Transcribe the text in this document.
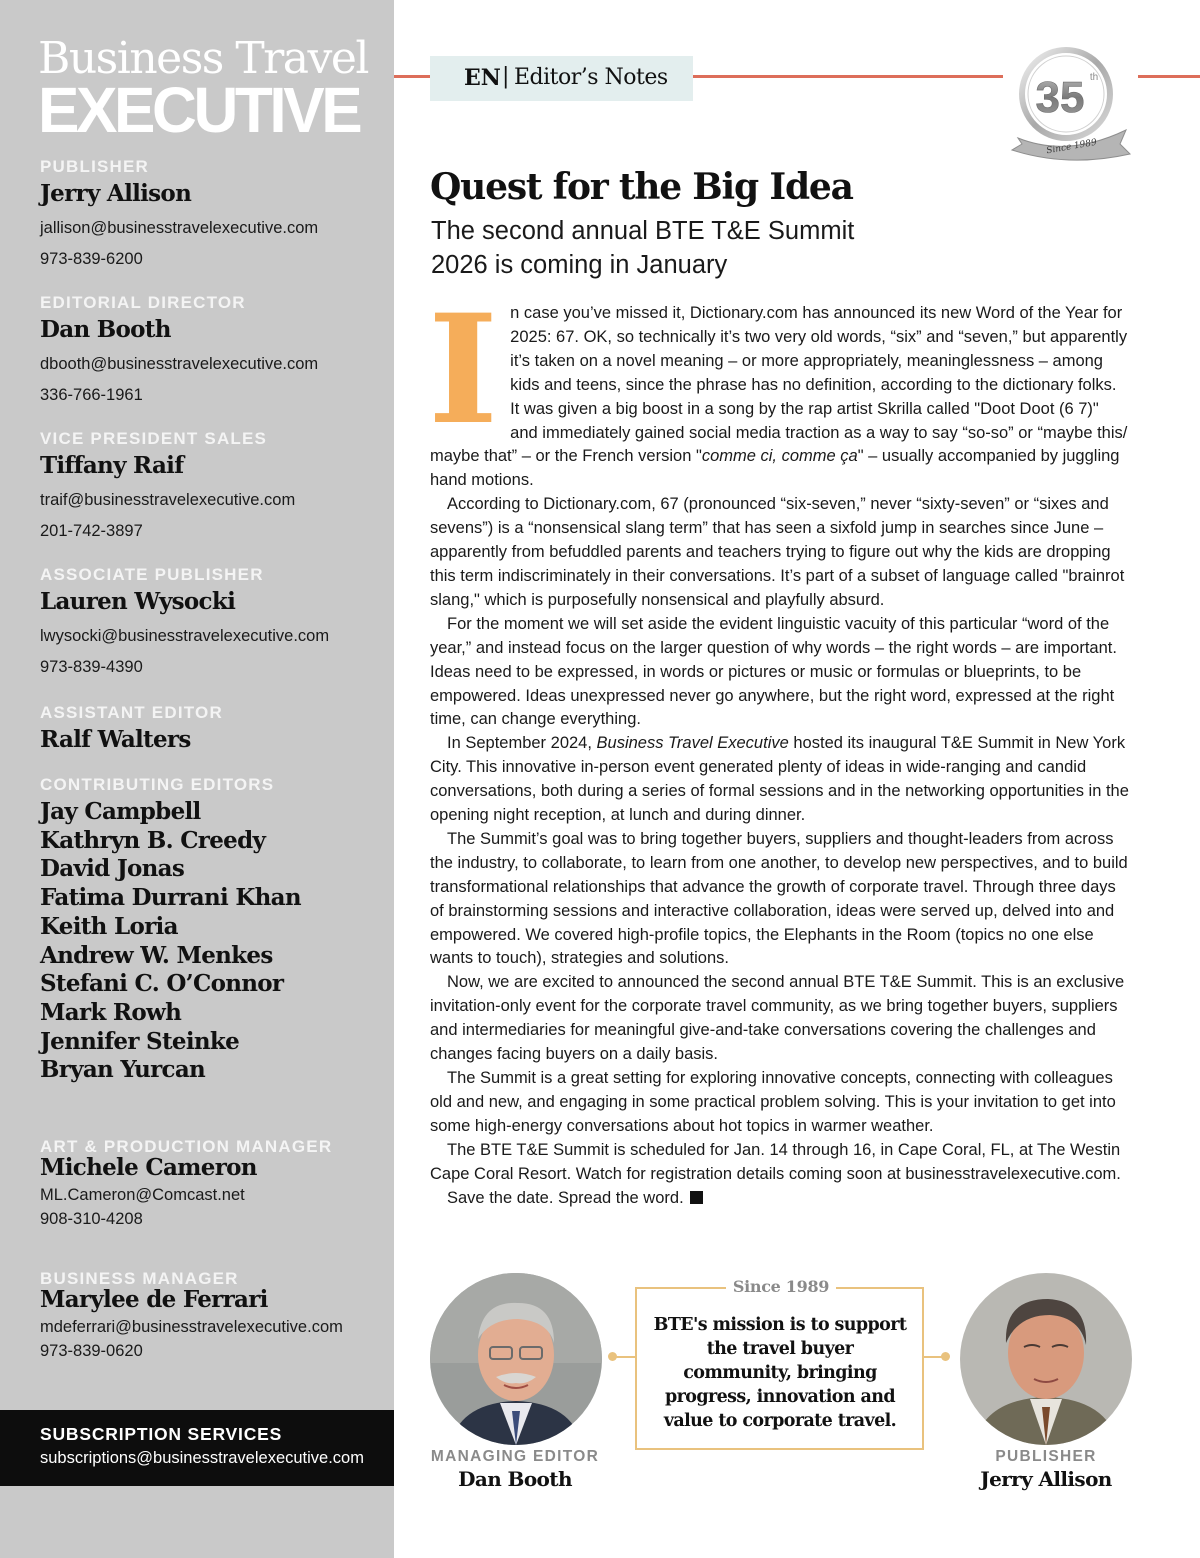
Business Travel
EXECUTIVE
PUBLISHER
Jerry Allison
jallison@businesstravelexecutive.com
973-839-6200
EDITORIAL DIRECTOR
Dan Booth
dbooth@businesstravelexecutive.com
336-766-1961
VICE PRESIDENT SALES
Tiffany Raif
traif@businesstravelexecutive.com
201-742-3897
ASSOCIATE PUBLISHER
Lauren Wysocki
lwysocki@businesstravelexecutive.com
973-839-4390
ASSISTANT EDITOR
Ralf Walters
CONTRIBUTING EDITORS
Jay Campbell
Kathryn B. Creedy
David Jonas
Fatima Durrani Khan
Keith Loria
Andrew W. Menkes
Stefani C. O’Connor
Mark Rowh
Jennifer Steinke
Bryan Yurcan
ART & PRODUCTION MANAGER
Michele Cameron
ML.Cameron@Comcast.net
908-310-4208
BUSINESS MANAGER
Marylee de Ferrari
mdeferrari@businesstravelexecutive.com
973-839-0620
SUBSCRIPTION SERVICES
subscriptions@businesstravelexecutive.com
EN | Editor’s Notes	35 th
Since 1989
Quest for the Big Idea
The second annual BTE T&E Summit
2026 is coming in January

In case you’ve missed it, Dictionary.com has announced its new Word of the Year for 2025: 67. OK, so technically it’s two very old words, “six” and “seven,” but apparently it’s taken on a novel meaning – or more appropriately, meaninglessness – among kids and teens, since the phrase has no definition, according to the dictionary folks. It was given a big boost in a song by the rap artist Skrilla called "Doot Doot (6 7)" and immediately gained social media traction as a way to say “so-so” or “maybe this/ maybe that” – or the French version "comme ci, comme ça" – usually accompanied by juggling hand motions.

According to Dictionary.com, 67 (pronounced “six-seven,” never “sixty-seven” or “sixes and sevens”) is a “nonsensical slang term” that has seen a sixfold jump in searches since June – apparently from befuddled parents and teachers trying to figure out why the kids are dropping this term indiscriminately in their conversations. It’s part of a subset of language called "brainrot slang," which is purposefully nonsensical and playfully absurd.

For the moment we will set aside the evident linguistic vacuity of this particular “word of the year,” and instead focus on the larger question of why words – the right words – are important. Ideas need to be expressed, in words or pictures or music or formulas or blueprints, to be empowered. Ideas unexpressed never go anywhere, but the right word, expressed at the right time, can change everything.

In September 2024, Business Travel Executive hosted its inaugural T&E Summit in New York City. This innovative in-person event generated plenty of ideas in wide-ranging and candid conversations, both during a series of formal sessions and in the networking opportunities in the opening night reception, at lunch and during dinner.

The Summit’s goal was to bring together buyers, suppliers and thought-leaders from across the industry, to collaborate, to learn from one another, to develop new perspectives, and to build transformational relationships that advance the growth of corporate travel. Through three days of brainstorming sessions and interactive collaboration, ideas were served up, delved into and empowered. We covered high-profile topics, the Elephants in the Room (topics no one else wants to touch), strategies and solutions.

Now, we are excited to announced the second annual BTE T&E Summit. This is an exclusive invitation-only event for the corporate travel community, as we bring together buyers, suppliers and intermediaries for meaningful give-and-take conversations covering the challenges and changes facing buyers on a daily basis.

The Summit is a great setting for exploring innovative concepts, connecting with colleagues old and new, and engaging in some practical problem solving. This is your invitation to get into some high-energy conversations about hot topics in warmer weather.

The BTE T&E Summit is scheduled for Jan. 14 through 16, in Cape Coral, FL, at The Westin Cape Coral Resort. Watch for registration details coming soon at businesstravelexecutive.com.

Save the date. Spread the word.

MANAGING EDITOR
Dan Booth
PUBLISHER
Jerry Allison
Since 1989
BTE's mission is to support the travel buyer community, bringing progress, innovation and value to corporate travel.
